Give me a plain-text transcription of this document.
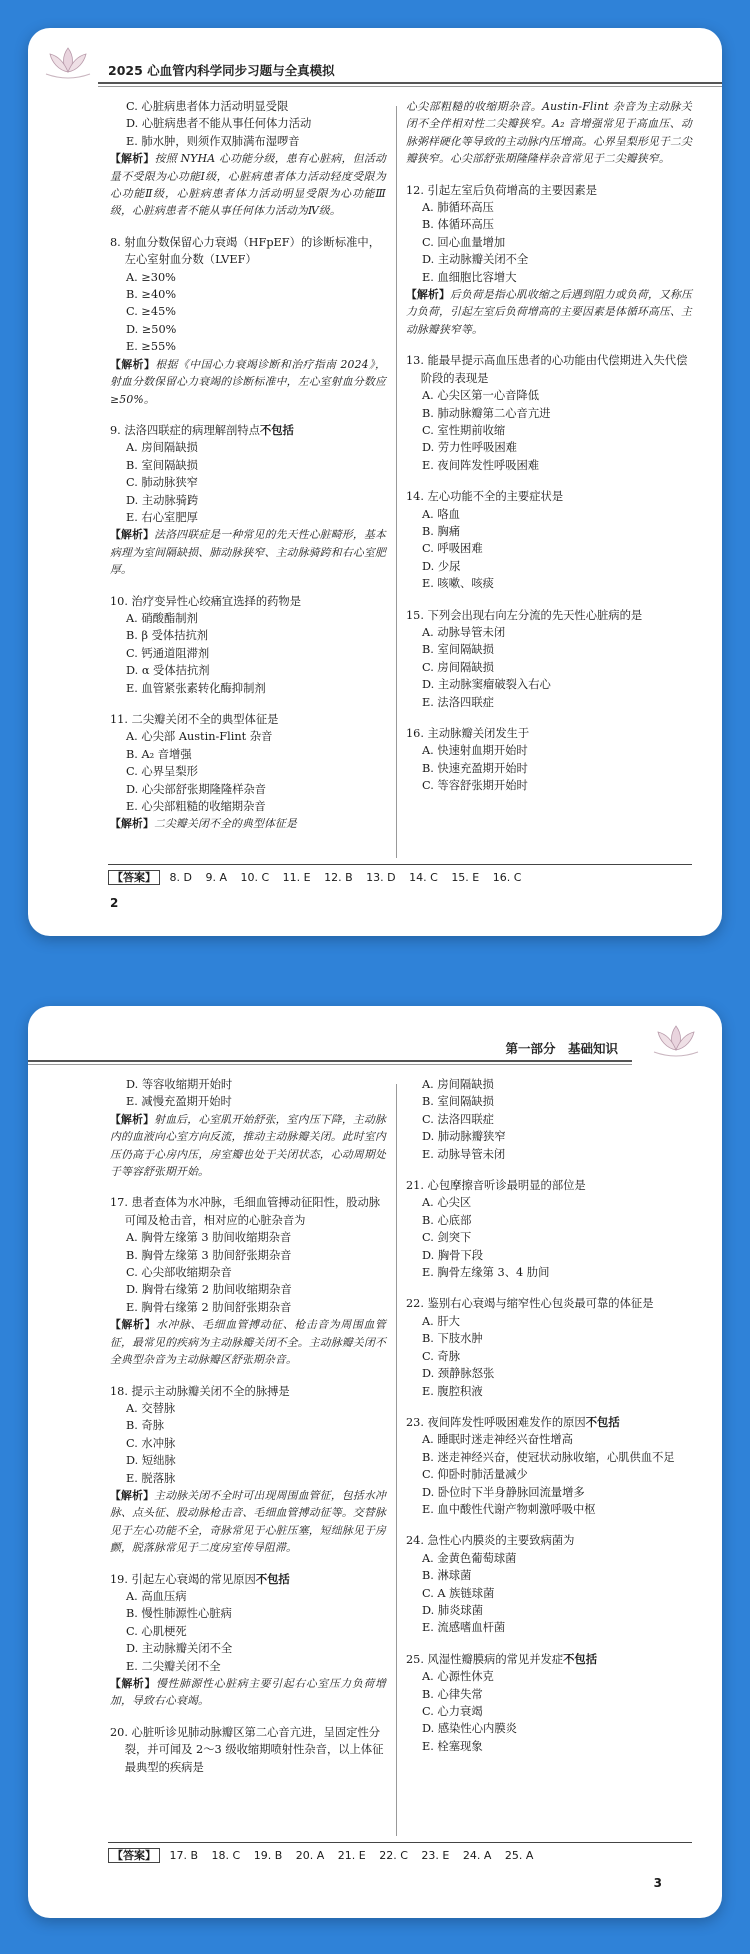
2025 心血管内科学同步习题与全真模拟
C. 心脏病患者体力活动明显受限
D. 心脏病患者不能从事任何体力活动
E. 肺水肿，则须作双肺满布湿啰音
【解析】按照 NYHA 心功能分级，患有心脏病，但活动量不受限为心功能Ⅰ级，心脏病患者体力活动轻度受限为心功能Ⅱ级，心脏病患者体力活动明显受限为心功能Ⅲ级，心脏病患者不能从事任何体力活动为Ⅳ级。
8. 射血分数保留心力衰竭（HFpEF）的诊断标准中，左心室射血分数（LVEF）
A. ≥30%
B. ≥40%
C. ≥45%
D. ≥50%
E. ≥55%
【解析】根据《中国心力衰竭诊断和治疗指南 2024》，射血分数保留心力衰竭的诊断标准中，左心室射血分数应≥50%。
9. 法洛四联症的病理解剖特点不包括
A. 房间隔缺损
B. 室间隔缺损
C. 肺动脉狭窄
D. 主动脉骑跨
E. 右心室肥厚
【解析】法洛四联症是一种常见的先天性心脏畸形，基本病理为室间隔缺损、肺动脉狭窄、主动脉骑跨和右心室肥厚。
10. 治疗变异性心绞痛宜选择的药物是
A. 硝酸酯制剂
B. β 受体拮抗剂
C. 钙通道阻滞剂
D. α 受体拮抗剂
E. 血管紧张素转化酶抑制剂
11. 二尖瓣关闭不全的典型体征是
A. 心尖部 Austin-Flint 杂音
B. A₂ 音增强
C. 心界呈梨形
D. 心尖部舒张期隆隆样杂音
E. 心尖部粗糙的收缩期杂音
【解析】二尖瓣关闭不全的典型体征是
心尖部粗糙的收缩期杂音。Austin-Flint 杂音为主动脉关闭不全伴相对性二尖瓣狭窄。A₂ 音增强常见于高血压、动脉粥样硬化等导致的主动脉内压增高。心界呈梨形见于二尖瓣狭窄。心尖部舒张期隆隆样杂音常见于二尖瓣狭窄。
12. 引起左室后负荷增高的主要因素是
A. 肺循环高压
B. 体循环高压
C. 回心血量增加
D. 主动脉瓣关闭不全
E. 血细胞比容增大
【解析】后负荷是指心肌收缩之后遇到阻力或负荷，又称压力负荷，引起左室后负荷增高的主要因素是体循环高压、主动脉瓣狭窄等。
13. 能最早提示高血压患者的心功能由代偿期进入失代偿阶段的表现是
A. 心尖区第一心音降低
B. 肺动脉瓣第二心音亢进
C. 室性期前收缩
D. 劳力性呼吸困难
E. 夜间阵发性呼吸困难
14. 左心功能不全的主要症状是
A. 咯血
B. 胸痛
C. 呼吸困难
D. 少尿
E. 咳嗽、咳痰
15. 下列会出现右向左分流的先天性心脏病的是
A. 动脉导管未闭
B. 室间隔缺损
C. 房间隔缺损
D. 主动脉窦瘤破裂入右心
E. 法洛四联症
16. 主动脉瓣关闭发生于
A. 快速射血期开始时
B. 快速充盈期开始时
C. 等容舒张期开始时
【答案】 8. D 9. A 10. C 11. E 12. B 13. D 14. C 15. E 16. C
2
第一部分　基础知识
D. 等容收缩期开始时
E. 减慢充盈期开始时
【解析】射血后，心室肌开始舒张，室内压下降，主动脉内的血液向心室方向反流，推动主动脉瓣关闭。此时室内压仍高于心房内压，房室瓣也处于关闭状态，心动周期处于等容舒张期开始。
17. 患者查体为水冲脉，毛细血管搏动征阳性，股动脉可闻及枪击音，相对应的心脏杂音为
A. 胸骨左缘第 3 肋间收缩期杂音
B. 胸骨左缘第 3 肋间舒张期杂音
C. 心尖部收缩期杂音
D. 胸骨右缘第 2 肋间收缩期杂音
E. 胸骨右缘第 2 肋间舒张期杂音
【解析】水冲脉、毛细血管搏动征、枪击音为周围血管征，最常见的疾病为主动脉瓣关闭不全。主动脉瓣关闭不全典型杂音为主动脉瓣区舒张期杂音。
18. 提示主动脉瓣关闭不全的脉搏是
A. 交替脉
B. 奇脉
C. 水冲脉
D. 短绌脉
E. 脱落脉
【解析】主动脉关闭不全时可出现周围血管征，包括水冲脉、点头征、股动脉枪击音、毛细血管搏动征等。交替脉见于左心功能不全，奇脉常见于心脏压塞，短绌脉见于房颤，脱落脉常见于二度房室传导阻滞。
19. 引起左心衰竭的常见原因不包括
A. 高血压病
B. 慢性肺源性心脏病
C. 心肌梗死
D. 主动脉瓣关闭不全
E. 二尖瓣关闭不全
【解析】慢性肺源性心脏病主要引起右心室压力负荷增加，导致右心衰竭。
20. 心脏听诊见肺动脉瓣区第二心音亢进，呈固定性分裂，并可闻及 2～3 级收缩期喷射性杂音，以上体征最典型的疾病是
A. 房间隔缺损
B. 室间隔缺损
C. 法洛四联症
D. 肺动脉瓣狭窄
E. 动脉导管未闭
21. 心包摩擦音听诊最明显的部位是
A. 心尖区
B. 心底部
C. 剑突下
D. 胸骨下段
E. 胸骨左缘第 3、4 肋间
22. 鉴别右心衰竭与缩窄性心包炎最可靠的体征是
A. 肝大
B. 下肢水肿
C. 奇脉
D. 颈静脉怒张
E. 腹腔积液
23. 夜间阵发性呼吸困难发作的原因不包括
A. 睡眠时迷走神经兴奋性增高
B. 迷走神经兴奋，使冠状动脉收缩，心肌供血不足
C. 仰卧时肺活量减少
D. 卧位时下半身静脉回流量增多
E. 血中酸性代谢产物刺激呼吸中枢
24. 急性心内膜炎的主要致病菌为
A. 金黄色葡萄球菌
B. 淋球菌
C. A 族链球菌
D. 肺炎球菌
E. 流感嗜血杆菌
25. 风湿性瓣膜病的常见并发症不包括
A. 心源性休克
B. 心律失常
C. 心力衰竭
D. 感染性心内膜炎
E. 栓塞现象
【答案】 17. B 18. C 19. B 20. A 21. E 22. C 23. E 24. A 25. A
3
